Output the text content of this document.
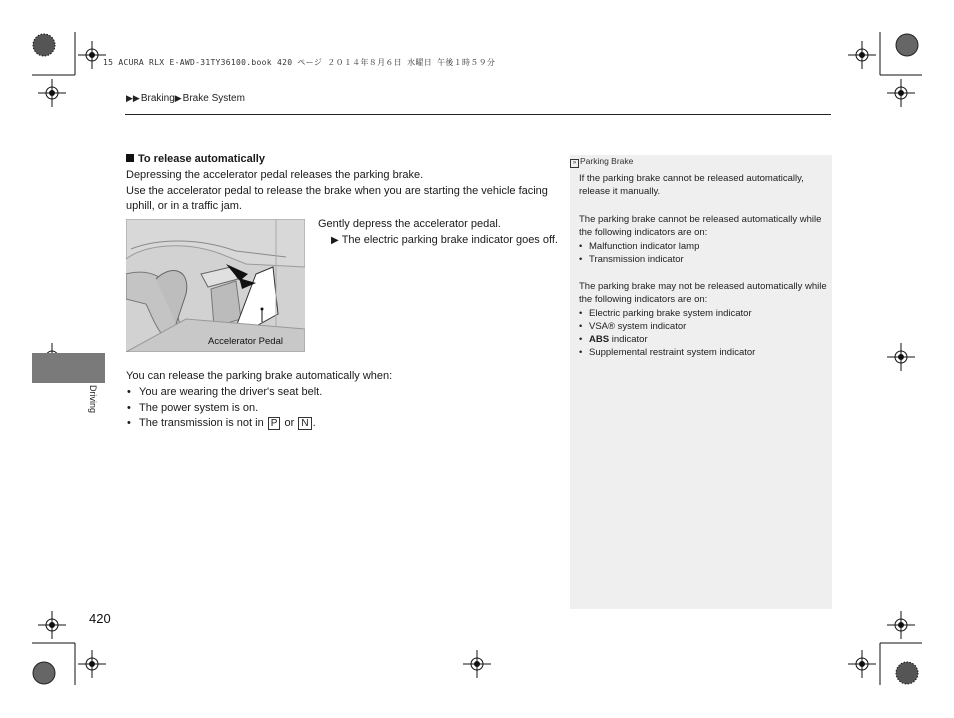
15 ACURA RLX E-AWD-31TY36100.book 420 ページ ２０１４年８月６日 水曜日 午後１時５９分
▶▶Braking▶Brake System
To release automatically
Depressing the accelerator pedal releases the parking brake.
Use the accelerator pedal to release the brake when you are starting the vehicle facing uphill, or in a traffic jam.
Accelerator Pedal
Gently depress the accelerator pedal.
▶ The electric parking brake indicator goes off.
You can release the parking brake automatically when:
• You are wearing the driver's seat belt.
• The power system is on.
• The transmission is not in P or N .
» Parking Brake
If the parking brake cannot be released automatically, release it manually.
The parking brake cannot be released automatically while the following indicators are on:
• Malfunction indicator lamp
• Transmission indicator
The parking brake may not be released automatically while the following indicators are on:
• Electric parking brake system indicator
• VSA® system indicator
• ABS indicator
• Supplemental restraint system indicator
Driving
420
